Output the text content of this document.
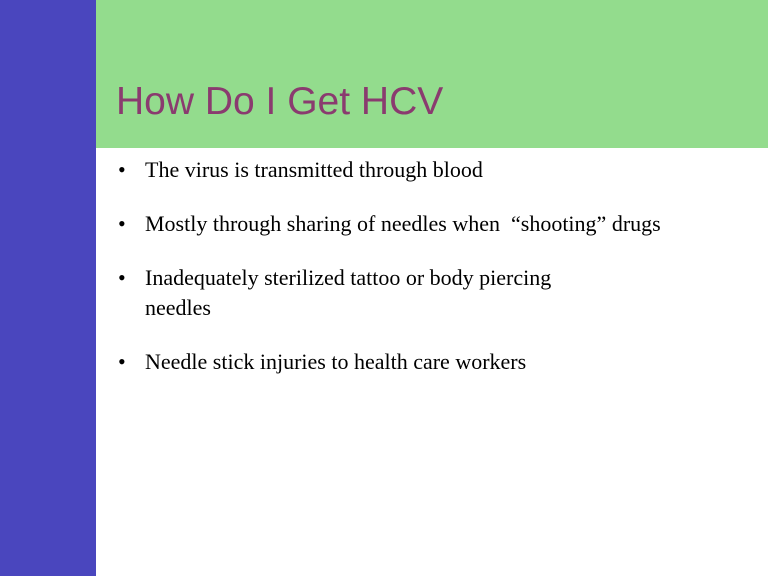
How Do I Get HCV
• The virus is transmitted through blood
• Mostly through sharing of needles when  “shooting” drugs
• Inadequately sterilized tattoo or body piercing needles
• Needle stick injuries to health care workers
